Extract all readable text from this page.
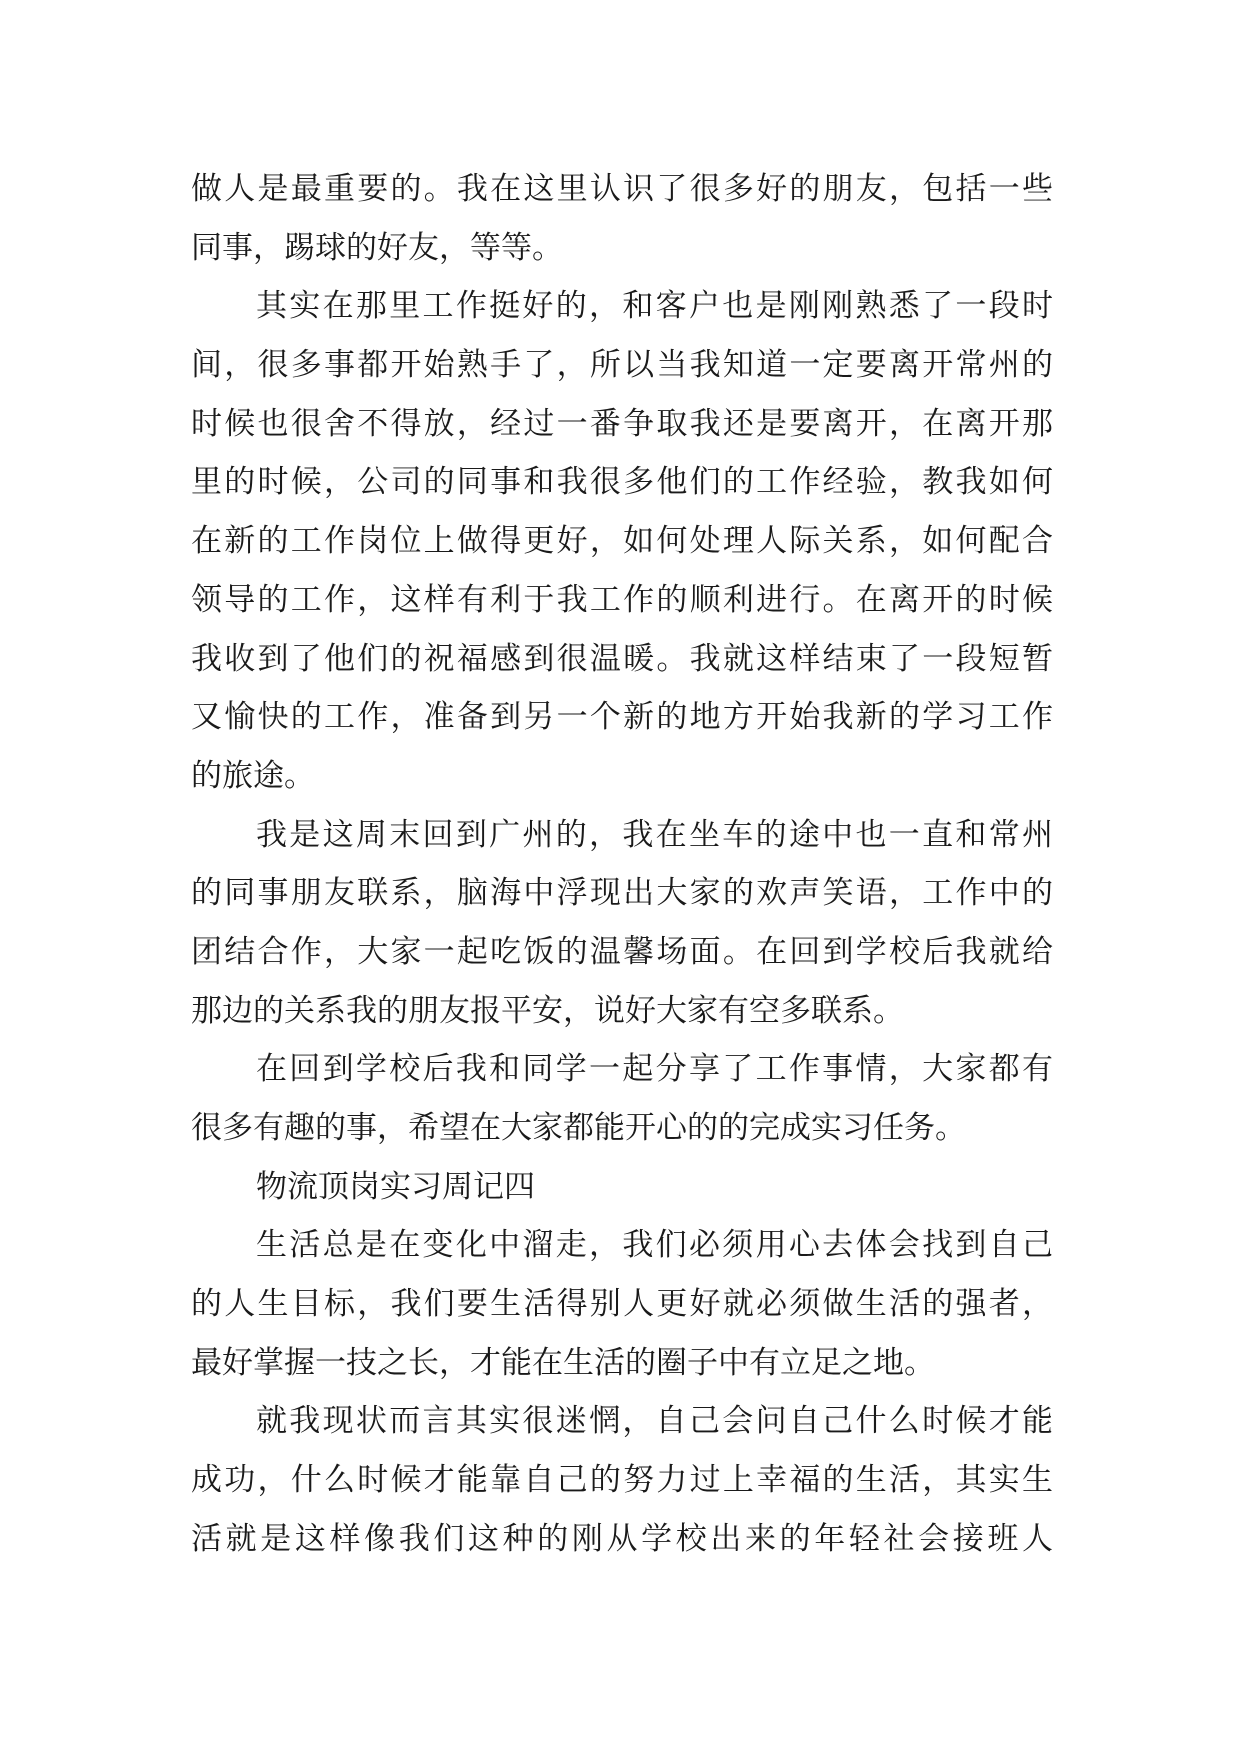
做人是最重要的。我在这里认识了很多好的朋友，包括一些
同事，踢球的好友，等等。
其实在那里工作挺好的，和客户也是刚刚熟悉了一段时
间，很多事都开始熟手了，所以当我知道一定要离开常州的
时候也很舍不得放，经过一番争取我还是要离开，在离开那
里的时候，公司的同事和我很多他们的工作经验，教我如何
在新的工作岗位上做得更好，如何处理人际关系，如何配合
领导的工作，这样有利于我工作的顺利进行。在离开的时候
我收到了他们的祝福感到很温暖。我就这样结束了一段短暂
又愉快的工作，准备到另一个新的地方开始我新的学习工作
的旅途。
我是这周末回到广州的，我在坐车的途中也一直和常州
的同事朋友联系，脑海中浮现出大家的欢声笑语，工作中的
团结合作，大家一起吃饭的温馨场面。在回到学校后我就给
那边的关系我的朋友报平安，说好大家有空多联系。
在回到学校后我和同学一起分享了工作事情，大家都有
很多有趣的事，希望在大家都能开心的的完成实习任务。
物流顶岗实习周记四
生活总是在变化中溜走，我们必须用心去体会找到自己
的人生目标，我们要生活得别人更好就必须做生活的强者，
最好掌握一技之长，才能在生活的圈子中有立足之地。
就我现状而言其实很迷惘，自己会问自己什么时候才能
成功，什么时候才能靠自己的努力过上幸福的生活，其实生
活就是这样像我们这种的刚从学校出来的年轻社会接班人
